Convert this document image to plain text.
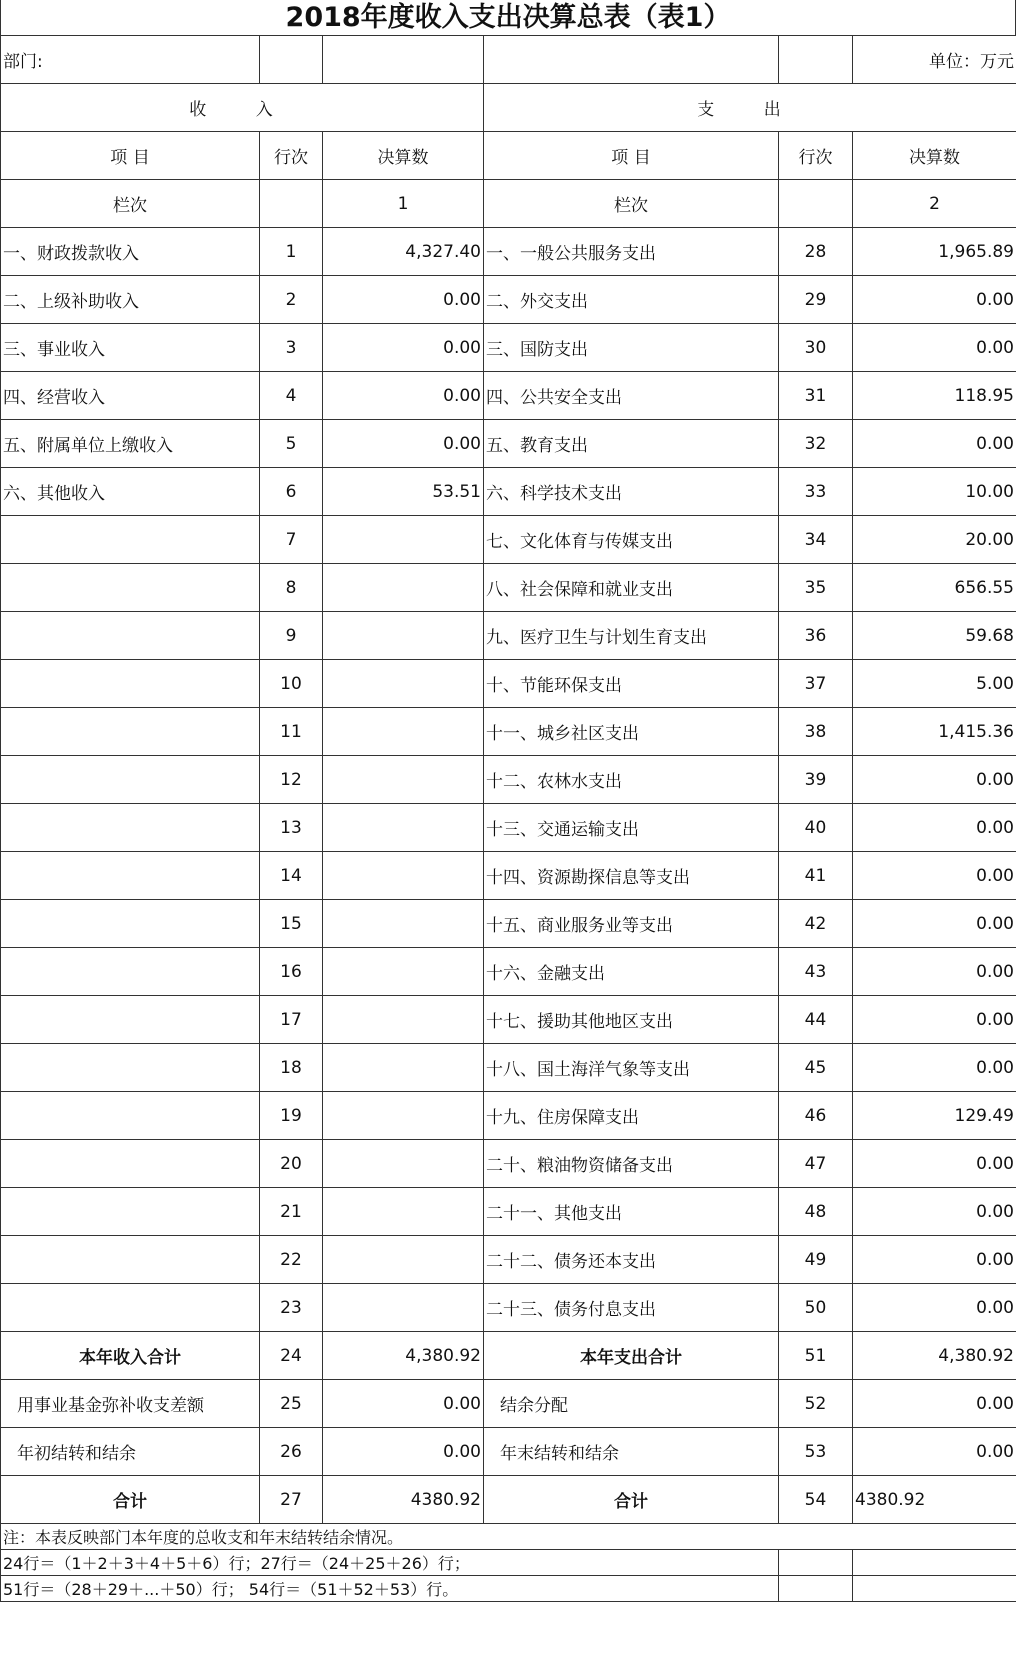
2018年度收入支出决算总表（表1）
部门:					单位：万元
收 入			支 出		
项 目	行次	决算数	项 目	行次	决算数
栏次		1	栏次		2
一、财政拨款收入	1	4,327.40	一、一般公共服务支出	28	1,965.89
二、上级补助收入	2	0.00	二、外交支出	29	0.00
三、事业收入	3	0.00	三、国防支出	30	0.00
四、经营收入	4	0.00	四、公共安全支出	31	118.95
五、附属单位上缴收入	5	0.00	五、教育支出	32	0.00
六、其他收入	6	53.51	六、科学技术支出	33	10.00
	7		七、文化体育与传媒支出	34	20.00
	8		八、社会保障和就业支出	35	656.55
	9		九、医疗卫生与计划生育支出	36	59.68
	10		十、节能环保支出	37	5.00
	11		十一、城乡社区支出	38	1,415.36
	12		十二、农林水支出	39	0.00
	13		十三、交通运输支出	40	0.00
	14		十四、资源勘探信息等支出	41	0.00
	15		十五、商业服务业等支出	42	0.00
	16		十六、金融支出	43	0.00
	17		十七、援助其他地区支出	44	0.00
	18		十八、国土海洋气象等支出	45	0.00
	19		十九、住房保障支出	46	129.49
	20		二十、粮油物资储备支出	47	0.00
	21		二十一、其他支出	48	0.00
	22		二十二、债务还本支出	49	0.00
	23		二十三、债务付息支出	50	0.00
本年收入合计	24	4,380.92	本年支出合计	51	4,380.92
用事业基金弥补收支差额	25	0.00	结余分配	52	0.00
年初结转和结余	26	0.00	年末结转和结余	53	0.00
合计	27	4380.92	合计	54	4380.92
注：本表反映部门本年度的总收支和年末结转结余情况。					
24行＝（1＋2＋3＋4＋5＋6）行；27行＝（24＋25＋26）行；					
51行＝（28＋29＋...＋50）行； 54行＝（51＋52＋53）行。					
